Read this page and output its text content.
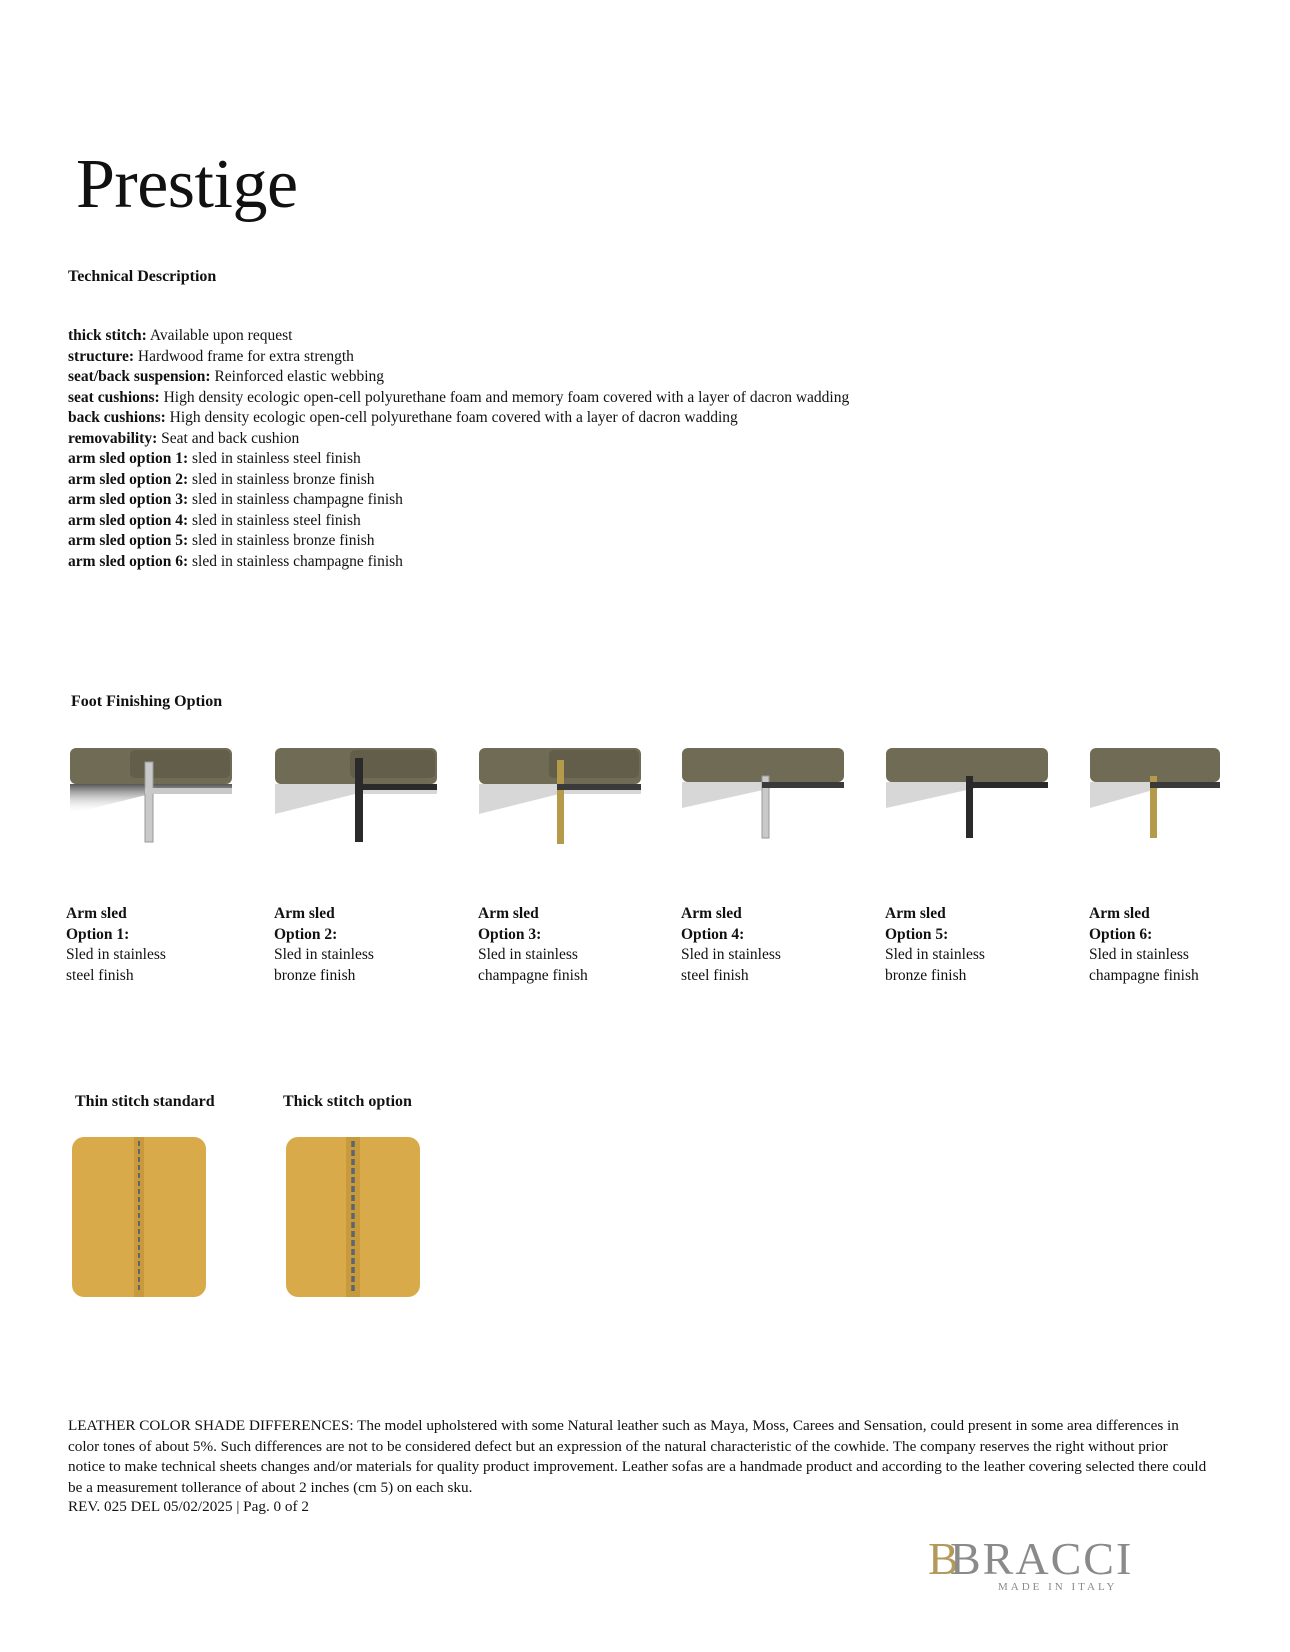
Prestige
Technical Description
thick stitch: Available upon request
structure: Hardwood frame for extra strength
seat/back suspension: Reinforced elastic webbing
seat cushions: High density ecologic open-cell polyurethane foam and memory foam covered with a layer of dacron wadding
back cushions: High density ecologic open-cell polyurethane foam covered with a layer of dacron wadding
removability: Seat and back cushion
arm sled option 1: sled in stainless steel finish
arm sled option 2: sled in stainless bronze finish
arm sled option 3: sled in stainless champagne finish
arm sled option 4: sled in stainless steel finish
arm sled option 5: sled in stainless bronze finish
arm sled option 6: sled in stainless champagne finish
Foot Finishing Option
Arm sled
Option 1:
Sled in stainless
steel finish
Arm sled
Option 2:
Sled in stainless
bronze finish
Arm sled
Option 3:
Sled in stainless
champagne finish
Arm sled
Option 4:
Sled in stainless
steel finish
Arm sled
Option 5:
Sled in stainless
bronze finish
Arm sled
Option 6:
Sled in stainless
champagne finish
Thin stitch standard	Thick stitch option

LEATHER COLOR SHADE DIFFERENCES: The model upholstered with some Natural leather such as Maya, Moss, Carees and Sensation, could present in some area differences in color tones of about 5%. Such differences are not to be considered defect but an expression of the natural characteristic of the cowhide. The company reserves the right without prior notice to make technical sheets changes and/or materials for quality product improvement. Leather sofas are a handmade product and according to the leather covering selected there could be a measurement tollerance of about 2 inches (cm 5) on each sku.

REV. 025 DEL 05/02/2025 | Pag. 0 of 2
B
BRACCI
MADE IN ITALY
